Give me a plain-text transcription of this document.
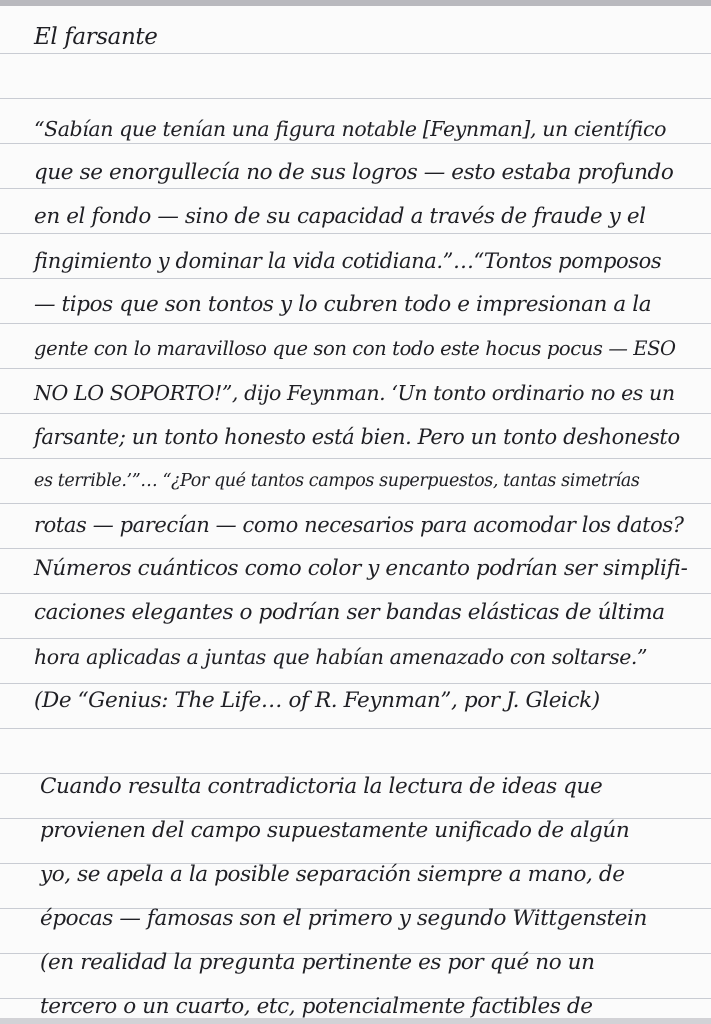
El farsante
“Sabían que tenían una figura notable [Feynman], un científico
que se enorgullecía no de sus logros — esto estaba profundo
en el fondo — sino de su capacidad a través de fraude y el
fingimiento y dominar la vida cotidiana.”…“Tontos pomposos
— tipos que son tontos y lo cubren todo e impresionan a la
gente con lo maravilloso que son con todo este hocus pocus — ESO
NO LO SOPORTO!”, dijo Feynman. ‘Un tonto ordinario no es un
farsante; un tonto honesto está bien. Pero un tonto deshonesto
es terrible.’”… “¿Por qué tantos campos superpuestos, tantas simetrías
rotas — parecían — como necesarios para acomodar los datos?
Números cuánticos como color y encanto podrían ser simplifi-
caciones elegantes o podrían ser bandas elásticas de última
hora aplicadas a juntas que habían amenazado con soltarse.”
(De “Genius: The Life… of R. Feynman”, por J. Gleick)
Cuando resulta contradictoria la lectura de ideas que
provienen del campo supuestamente unificado de algún
yo, se apela a la posible separación siempre a mano, de
épocas — famosas son el primero y segundo Wittgenstein
(en realidad la pregunta pertinente es por qué no un
tercero o un cuarto, etc, potencialmente factibles de
